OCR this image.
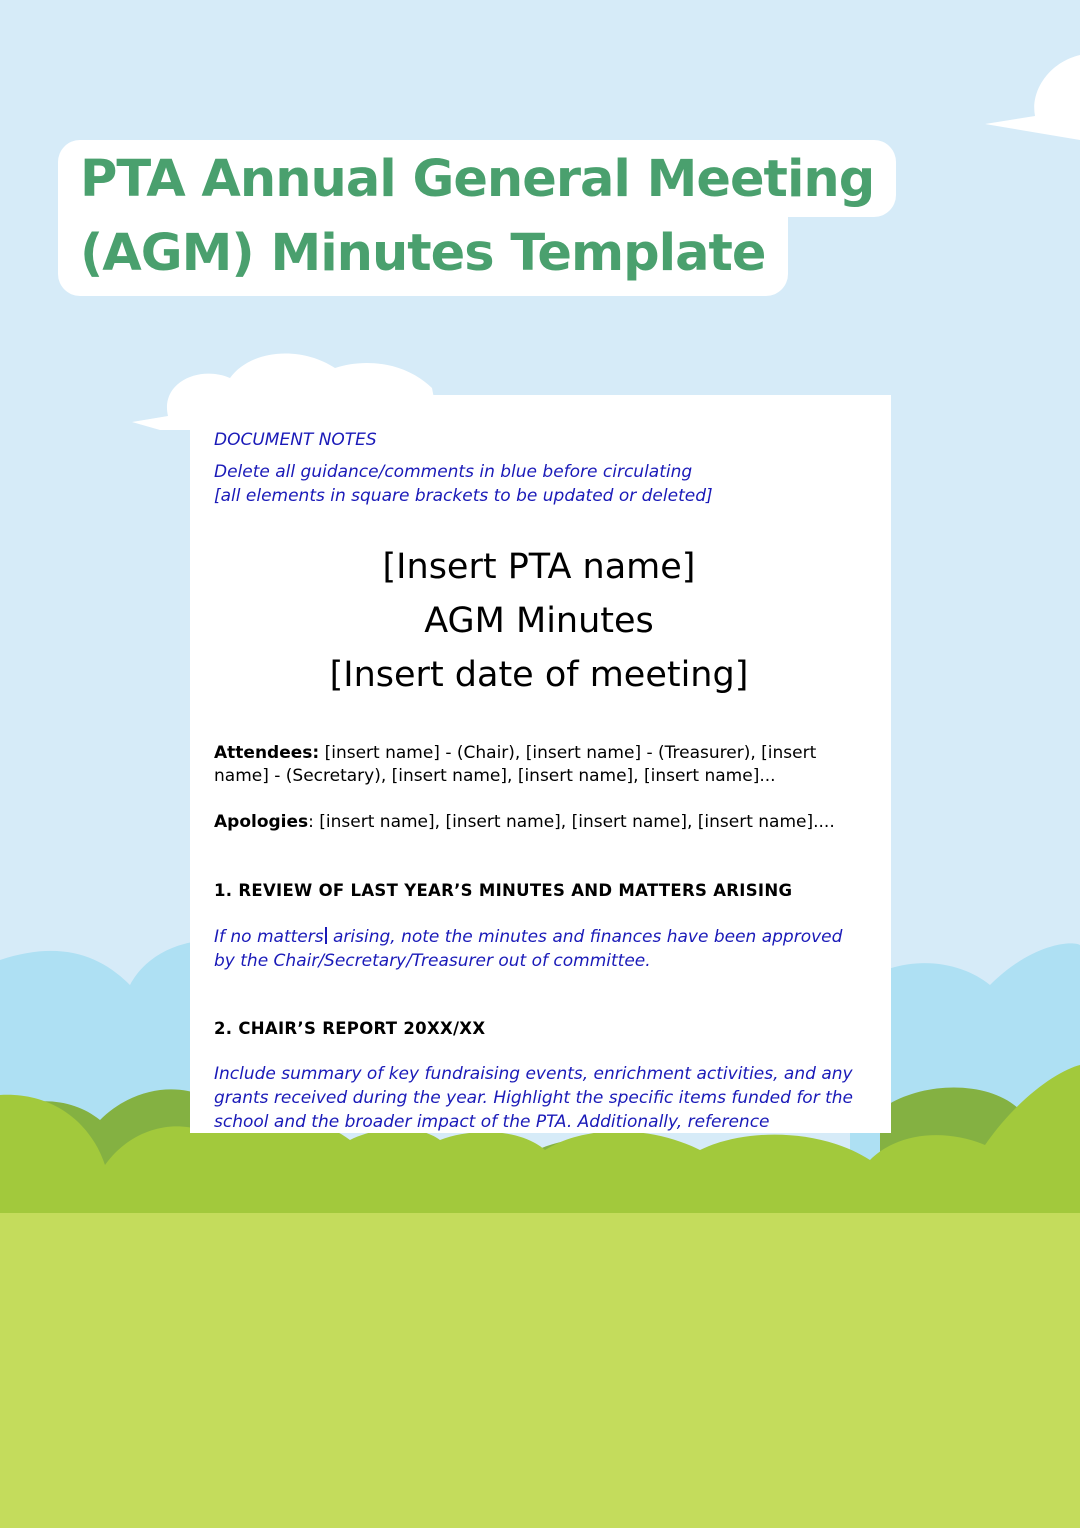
PTA Annual General Meeting
(AGM) Minutes Template
DOCUMENT NOTES
Delete all guidance/comments in blue before circulating
[all elements in square brackets to be updated or deleted]
[Insert PTA name]
AGM Minutes
[Insert date of meeting]
Attendees: [insert name] - (Chair), [insert name] - (Treasurer), [insert name] - (Secretary), [insert name], [insert name], [insert name]...
Apologies: [insert name], [insert name], [insert name], [insert name]....
1. REVIEW OF LAST YEAR’S MINUTES AND MATTERS ARISING
If no matters arising, note the minutes and finances have been approved by the Chair/Secretary/Treasurer out of committee.
2. CHAIR’S REPORT 20XX/XX
Include summary of key fundraising events, enrichment activities, and any grants received during the year. Highlight the specific items funded for the school and the broader impact of the PTA. Additionally, reference
